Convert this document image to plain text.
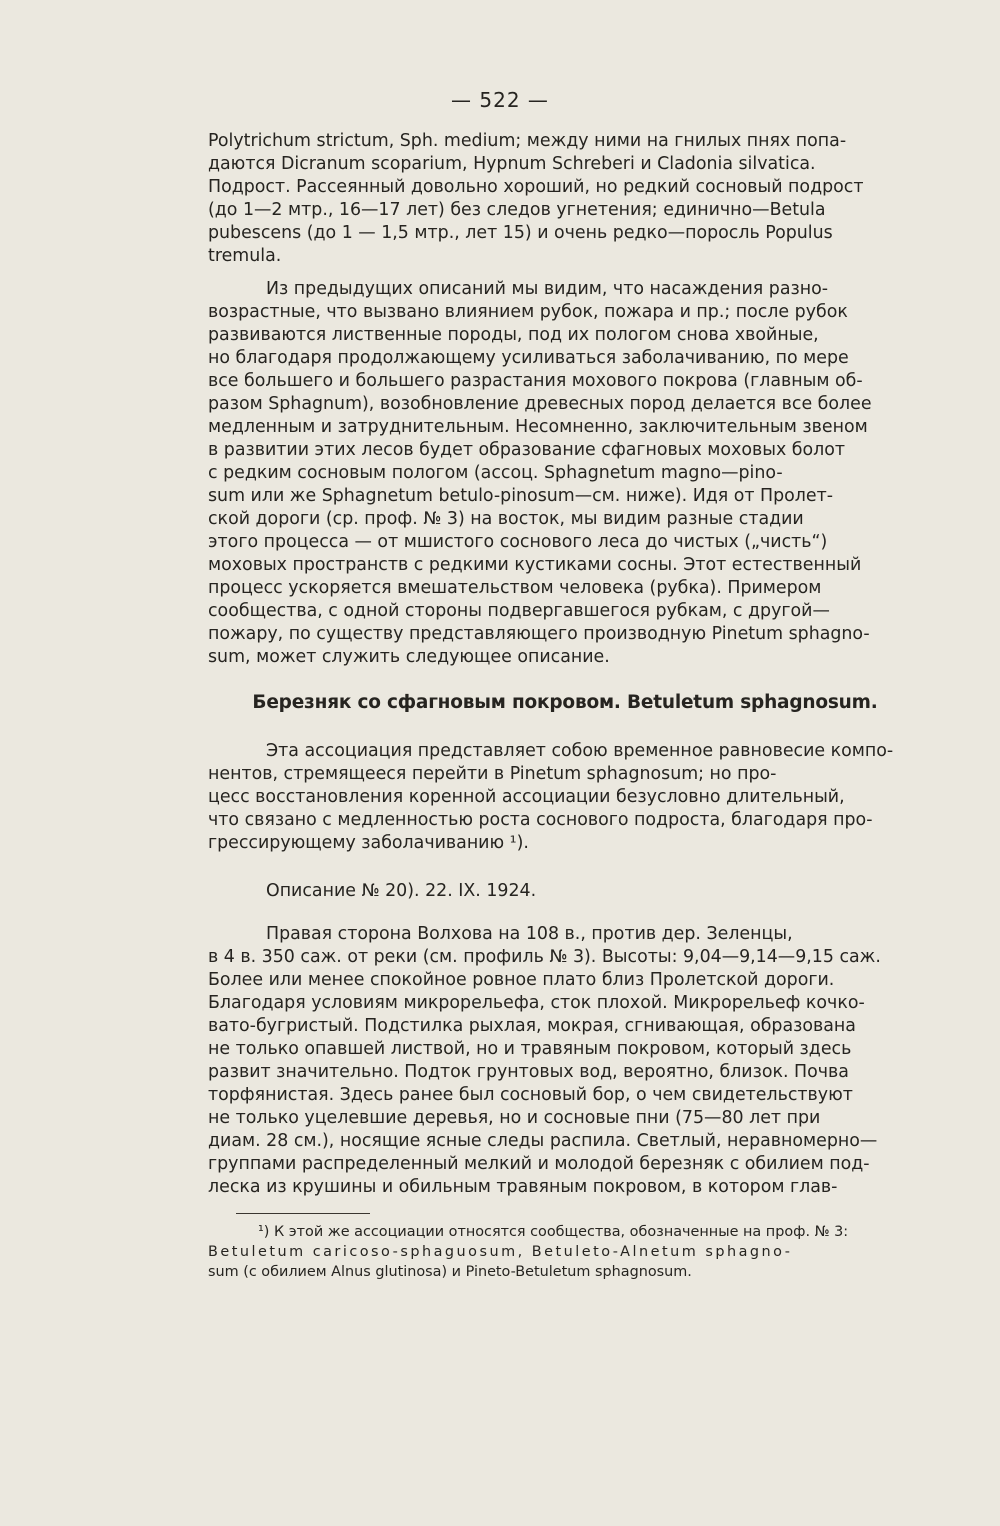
— 522 —

Polytrichum strictum, Sph. medium; между ними на гнилых пнях попа-

даются Dicranum scoparium, Hypnum Schreberi и Cladonia silvatica.

Подрост. Рассеянный довольно хороший, но редкий сосновый подрост

(до 1—2 мтр., 16—17 лет) без следов угнетения; единично—Betula

pubescens (до 1 — 1,5 мтр., лет 15) и очень редко—поросль Populus

tremula.

Из предыдущих описаний мы видим, что насаждения разно-

возрастные, что вызвано влиянием рубок, пожара и пр.; после рубок

развиваются лиственные породы, под их пологом снова хвойные,

но благодаря продолжающему усиливаться заболачиванию, по мере

все большего и большего разрастания мохового покрова (главным об-

разом Sphagnum), возобновление древесных пород делается все более

медленным и затруднительным. Несомненно, заключительным звеном

в развитии этих лесов будет образование сфагновых моховых болот

с редким сосновым пологом (ассоц. Sphagnetum magno—pino-

sum или же Sphagnetum betulo-pinosum—см. ниже). Идя от Пролет-

ской дороги (ср. проф. № 3) на восток, мы видим разные стадии

этого процесса — от мшистого соснового леса до чистых („чисть“)

моховых пространств с редкими кустиками сосны. Этот естественный

процесс ускоряется вмешательством человека (рубка). Примером

сообщества, с одной стороны подвергавшегося рубкам, с другой—

пожару, по существу представляющего производную Pinetum sphagno-

sum, может служить следующее описание.

Березняк со сфагновым покровом. Betuletum sphagnosum.

Эта ассоциация представляет собою временное равновесие компо-

нентов, стремящееся перейти в Pinetum sphagnosum; но про-

цесс восстановления коренной ассоциации безусловно длительный,

что связано с медленностью роста соснового подроста, благодаря про-

грессирующему заболачиванию ¹).

Описание № 20). 22. IX. 1924.

Правая сторона Волхова на 108 в., против дер. Зеленцы,

в 4 в. 350 саж. от реки (см. профиль № 3). Высоты: 9,04—9,14—9,15 саж.

Более или менее спокойное ровное плато близ Пролетской дороги.

Благодаря условиям микрорельефа, сток плохой. Микрорельеф кочко-

вато-бугристый. Подстилка рыхлая, мокрая, сгнивающая, образована

не только опавшей листвой, но и травяным покровом, который здесь

развит значительно. Подток грунтовых вод, вероятно, близок. Почва

торфянистая. Здесь ранее был сосновый бор, о чем свидетельствуют

не только уцелевшие деревья, но и сосновые пни (75—80 лет при

диам. 28 см.), носящие ясные следы распила. Светлый, неравномерно—

группами распределенный мелкий и молодой березняк с обилием под-

леска из крушины и обильным травяным покровом, в котором глав-

¹) К этой же ассоциации относятся сообщества, обозначенные на проф. № 3:

Betuletum caricoso-sphaguosum, Betuleto-Alnetum sphagno-

sum (с обилием Alnus glutinosa) и Pineto-Betuletum sphagnosum.
